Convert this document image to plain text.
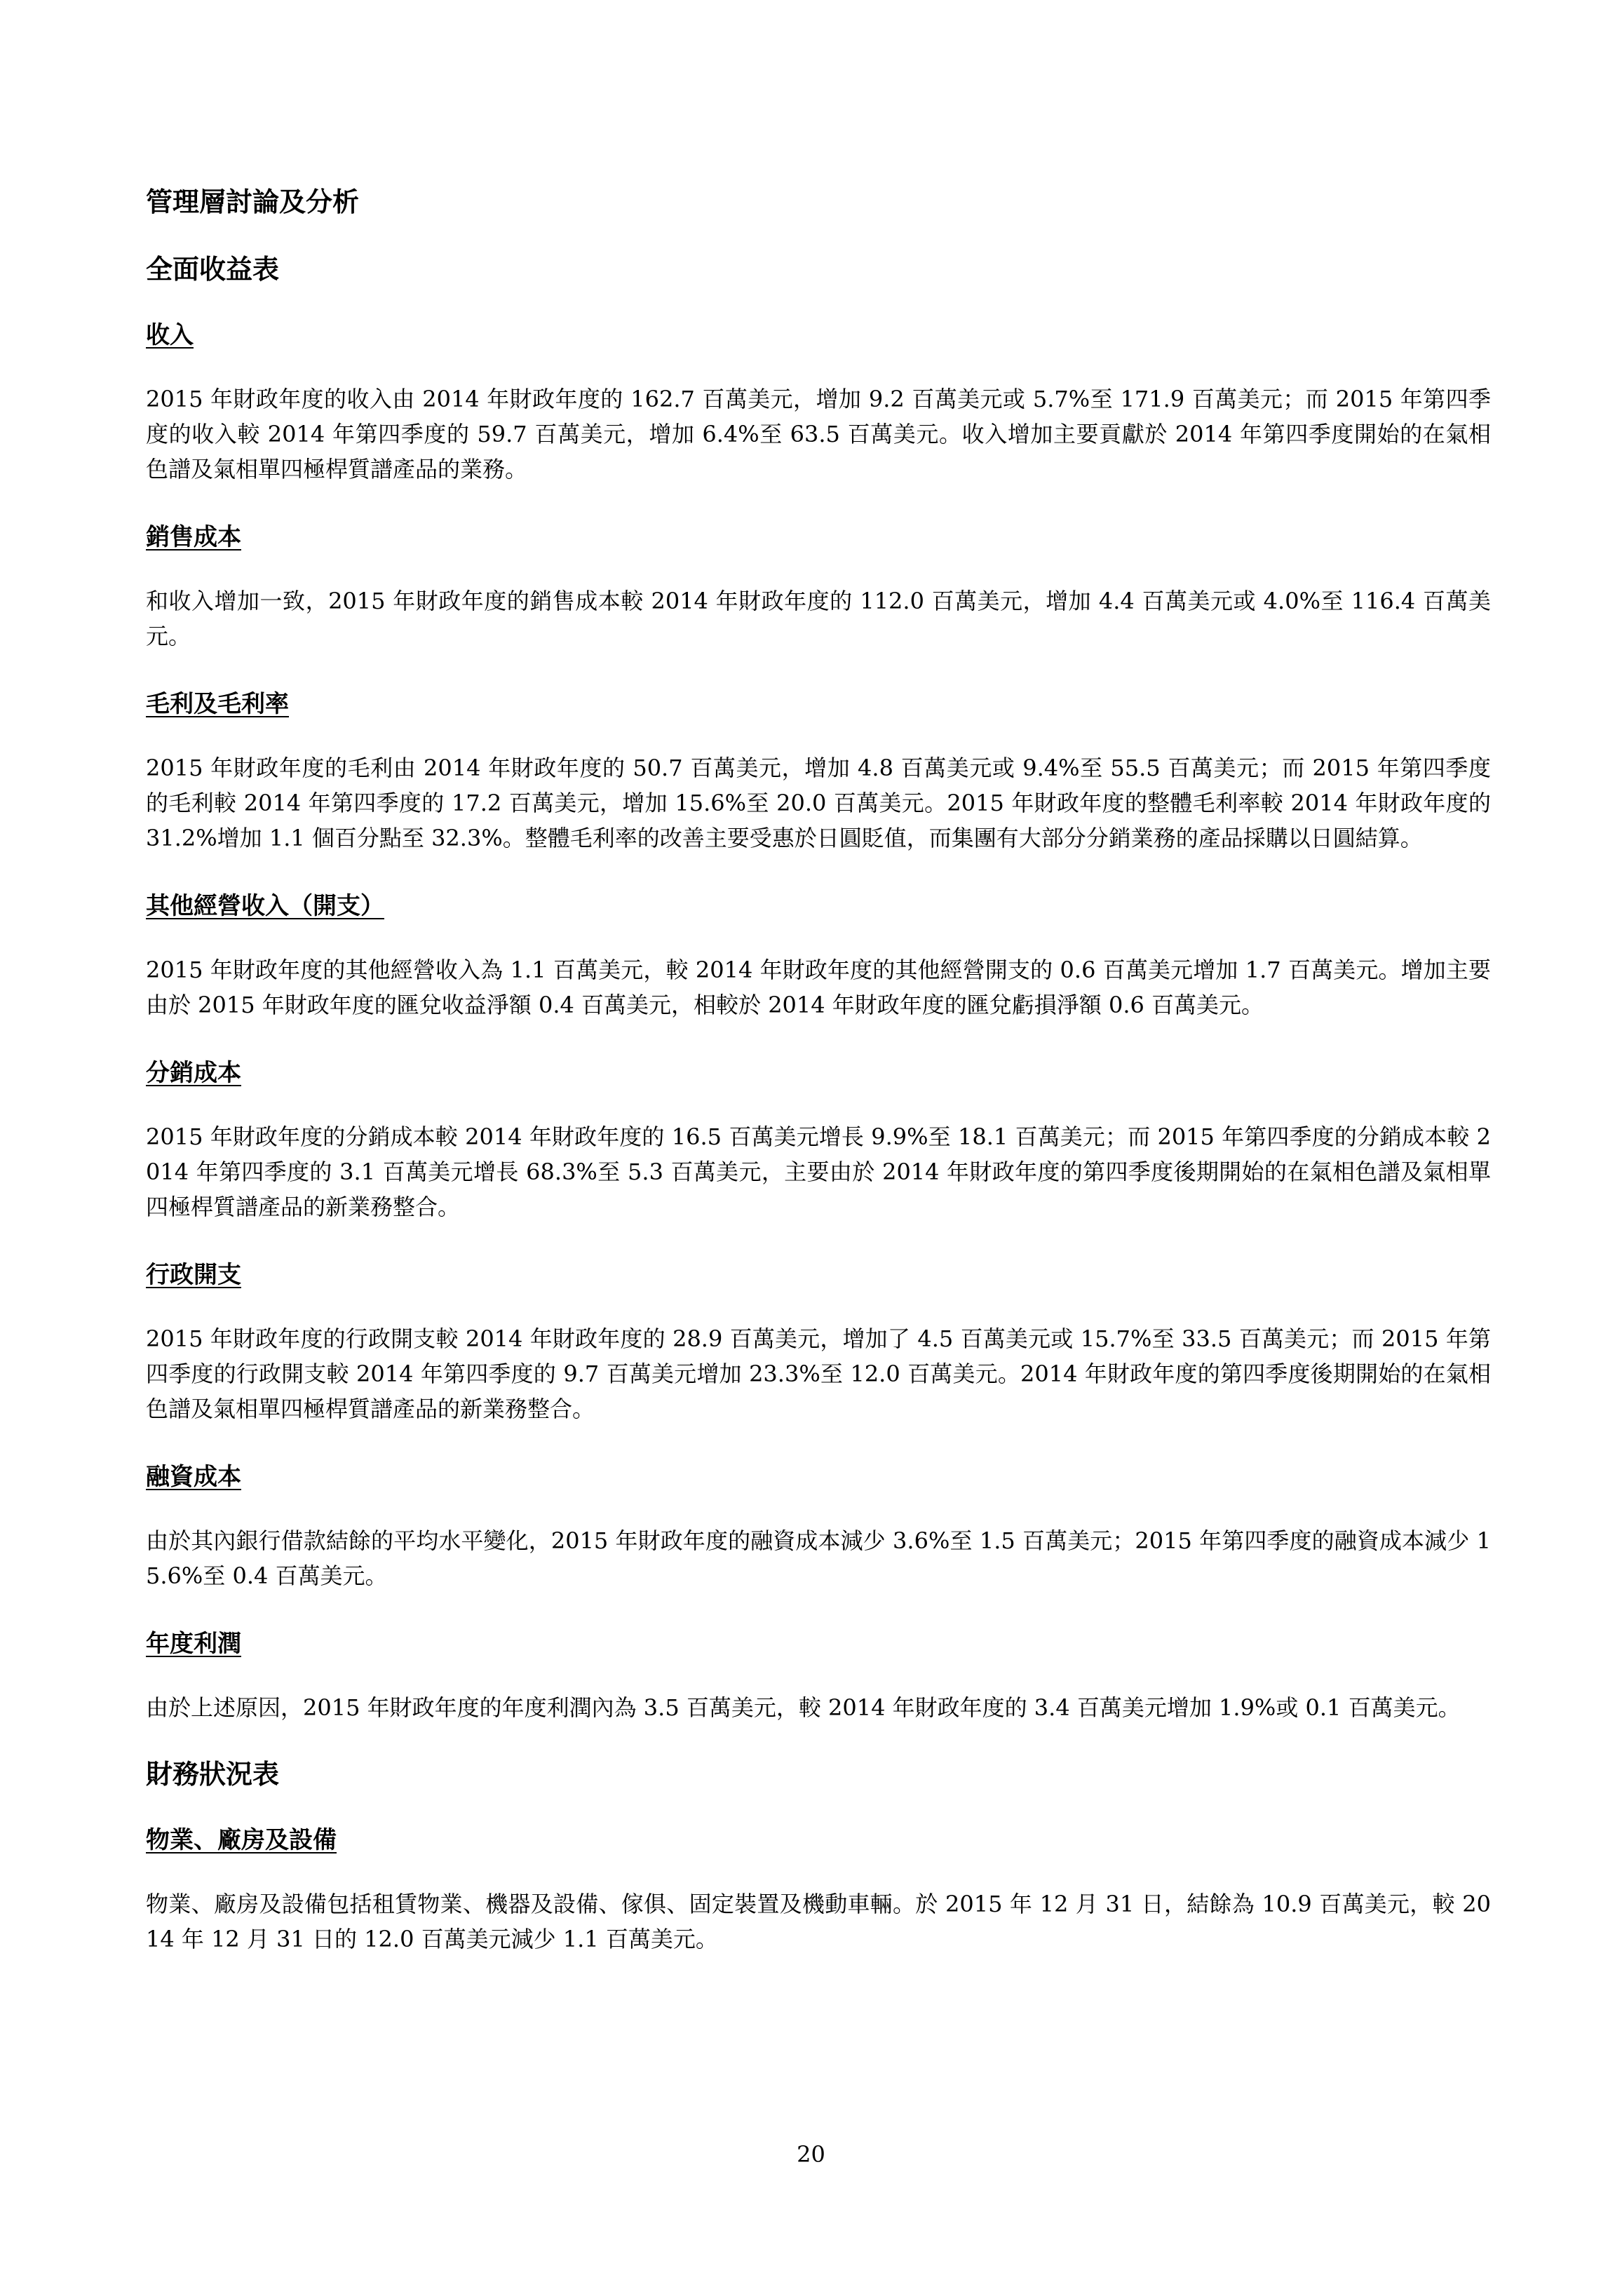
管理層討論及分析
全面收益表
收入

2015 年財政年度的收入由 2014 年財政年度的 162.7 百萬美元，增加 9.2 百萬美元或 5.7%至 171.9 百萬美元；而 2015 年第四季度的收入較 2014 年第四季度的 59.7 百萬美元，增加 6.4%至 63.5 百萬美元。收入增加主要貢獻於 2014 年第四季度開始的在氣相色譜及氣相單四極桿質譜產品的業務。

銷售成本

和收入增加一致，2015 年財政年度的銷售成本較 2014 年財政年度的 112.0 百萬美元，增加 4.4 百萬美元或 4.0%至 116.4 百萬美元。

毛利及毛利率

2015 年財政年度的毛利由 2014 年財政年度的 50.7 百萬美元，增加 4.8 百萬美元或 9.4%至 55.5 百萬美元；而 2015 年第四季度的毛利較 2014 年第四季度的 17.2 百萬美元，增加 15.6%至 20.0 百萬美元。2015 年財政年度的整體毛利率較 2014 年財政年度的 31.2%增加 1.1 個百分點至 32.3%。整體毛利率的改善主要受惠於日圓貶值，而集團有大部分分銷業務的產品採購以日圓結算。

其他經營收入（開支）

2015 年財政年度的其他經營收入為 1.1 百萬美元，較 2014 年財政年度的其他經營開支的 0.6 百萬美元增加 1.7 百萬美元。增加主要由於 2015 年財政年度的匯兌收益淨額 0.4 百萬美元，相較於 2014 年財政年度的匯兌虧損淨額 0.6 百萬美元。

分銷成本

2015 年財政年度的分銷成本較 2014 年財政年度的 16.5 百萬美元增長 9.9%至 18.1 百萬美元；而 2015 年第四季度的分銷成本較 2014 年第四季度的 3.1 百萬美元增長 68.3%至 5.3 百萬美元，主要由於 2014 年財政年度的第四季度後期開始的在氣相色譜及氣相單四極桿質譜產品的新業務整合。

行政開支

2015 年財政年度的行政開支較 2014 年財政年度的 28.9 百萬美元，增加了 4.5 百萬美元或 15.7%至 33.5 百萬美元；而 2015 年第四季度的行政開支較 2014 年第四季度的 9.7 百萬美元增加 23.3%至 12.0 百萬美元。2014 年財政年度的第四季度後期開始的在氣相色譜及氣相單四極桿質譜產品的新業務整合。

融資成本

由於其內銀行借款結餘的平均水平變化，2015 年財政年度的融資成本減少 3.6%至 1.5 百萬美元；2015 年第四季度的融資成本減少 15.6%至 0.4 百萬美元。

年度利潤

由於上述原因，2015 年財政年度的年度利潤內為 3.5 百萬美元，較 2014 年財政年度的 3.4 百萬美元增加 1.9%或 0.1 百萬美元。

財務狀況表
物業、廠房及設備

物業、廠房及設備包括租賃物業、機器及設備、傢俱、固定裝置及機動車輛。於 2015 年 12 月 31 日，結餘為 10.9 百萬美元，較 2014 年 12 月 31 日的 12.0 百萬美元減少 1.1 百萬美元。

20
